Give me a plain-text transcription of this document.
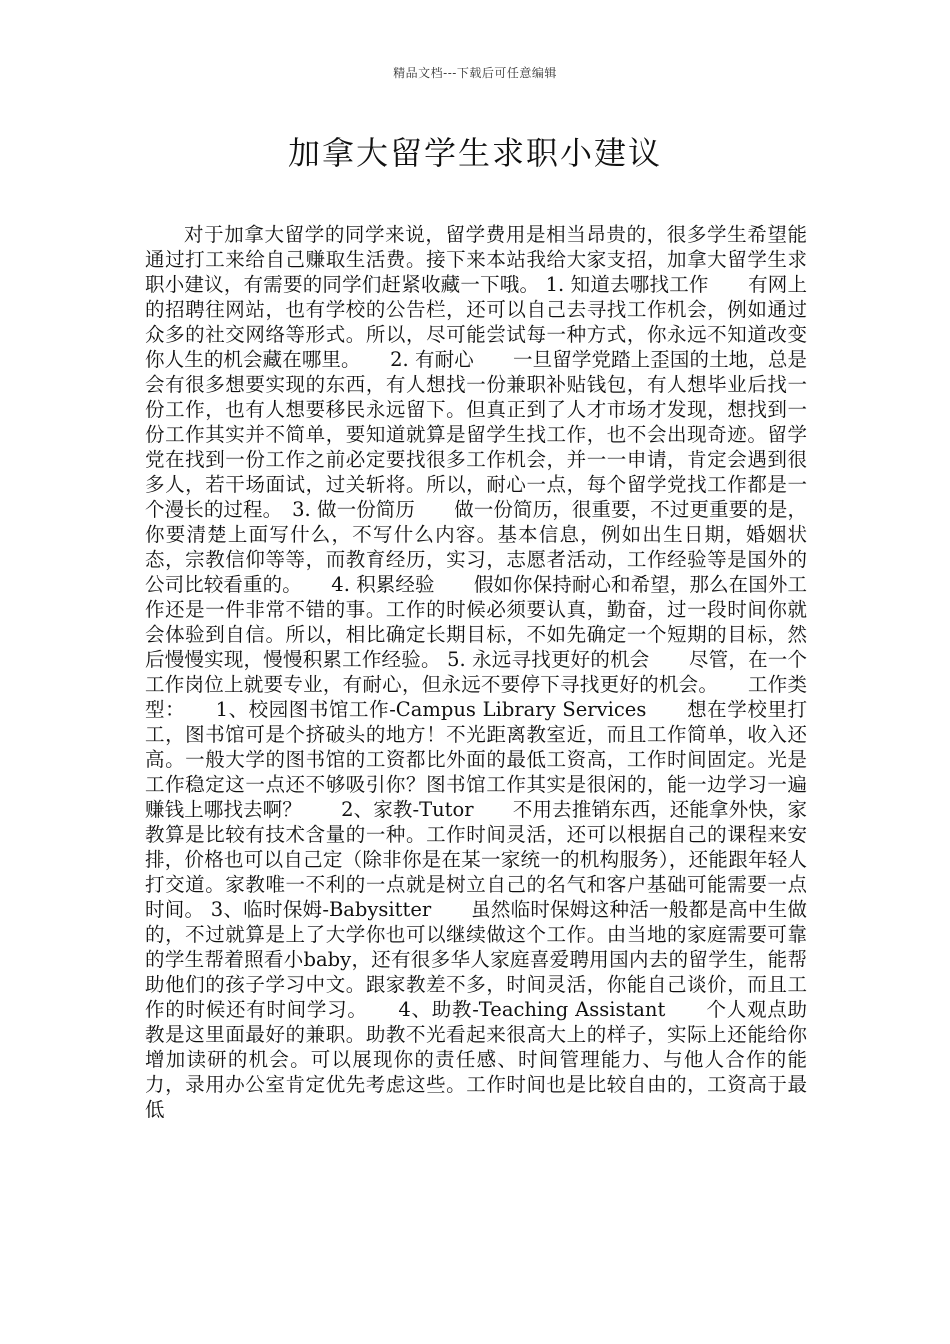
精品文档---下载后可任意编辑
加拿大留学生求职小建议

对于加拿大留学的同学来说，留学费用是相当昂贵的，很多学生希望能通过打工来给自己赚取生活费。接下来本站我给大家支招，加拿大留学生求职小建议，有需要的同学们赶紧收藏一下哦。 1. 知道去哪找工作　　有网上的招聘往网站，也有学校的公告栏，还可以自己去寻找工作机会，例如通过众多的社交网络等形式。所以，尽可能尝试每一种方式，你永远不知道改变你人生的机会藏在哪里。　　2. 有耐心　　一旦留学党踏上歪国的土地，总是会有很多想要实现的东西，有人想找一份兼职补贴钱包，有人想毕业后找一份工作，也有人想要移民永远留下。但真正到了人才市场才发现，想找到一份工作其实并不简单，要知道就算是留学生找工作，也不会出现奇迹。留学党在找到一份工作之前必定要找很多工作机会，并一一申请，肯定会遇到很多人，若干场面试，过关斩将。所以，耐心一点，每个留学党找工作都是一个漫长的过程。　3. 做一份简历　　做一份简历，很重要，不过更重要的是，你要清楚上面写什么，不写什么内容。基本信息，例如出生日期，婚姻状态，宗教信仰等等，而教育经历，实习，志愿者活动，工作经验等是国外的公司比较看重的。　　4. 积累经验　　假如你保持耐心和希望，那么在国外工作还是一件非常不错的事。工作的时候必须要认真，勤奋，过一段时间你就会体验到自信。所以，相比确定长期目标，不如先确定一个短期的目标，然后慢慢实现，慢慢积累工作经验。 5. 永远寻找更好的机会　　尽管，在一个工作岗位上就要专业，有耐心，但永远不要停下寻找更好的机会。　　工作类型：　　1、校园图书馆工作-Campus Library Services　　想在学校里打工，图书馆可是个挤破头的地方！不光距离教室近，而且工作简单，收入还高。一般大学的图书馆的工资都比外面的最低工资高，工作时间固定。光是工作稳定这一点还不够吸引你？图书馆工作其实是很闲的，能一边学习一遍赚钱上哪找去啊？　　2、家教-Tutor　　不用去推销东西，还能拿外快，家教算是比较有技术含量的一种。工作时间灵活，还可以根据自己的课程来安排，价格也可以自己定（除非你是在某一家统一的机构服务），还能跟年轻人打交道。家教唯一不利的一点就是树立自己的名气和客户基础可能需要一点时间。 3、临时保姆-Babysitter　　虽然临时保姆这种活一般都是高中生做的，不过就算是上了大学你也可以继续做这个工作。由当地的家庭需要可靠的学生帮着照看小baby，还有很多华人家庭喜爱聘用国内去的留学生，能帮助他们的孩子学习中文。跟家教差不多，时间灵活，你能自己谈价，而且工作的时候还有时间学习。　　4、助教-Teaching Assistant　　个人观点助教是这里面最好的兼职。助教不光看起来很高大上的样子，实际上还能给你增加读研的机会。可以展现你的责任感、时间管理能力、与他人合作的能力，录用办公室肯定优先考虑这些。工作时间也是比较自由的，工资高于最低
